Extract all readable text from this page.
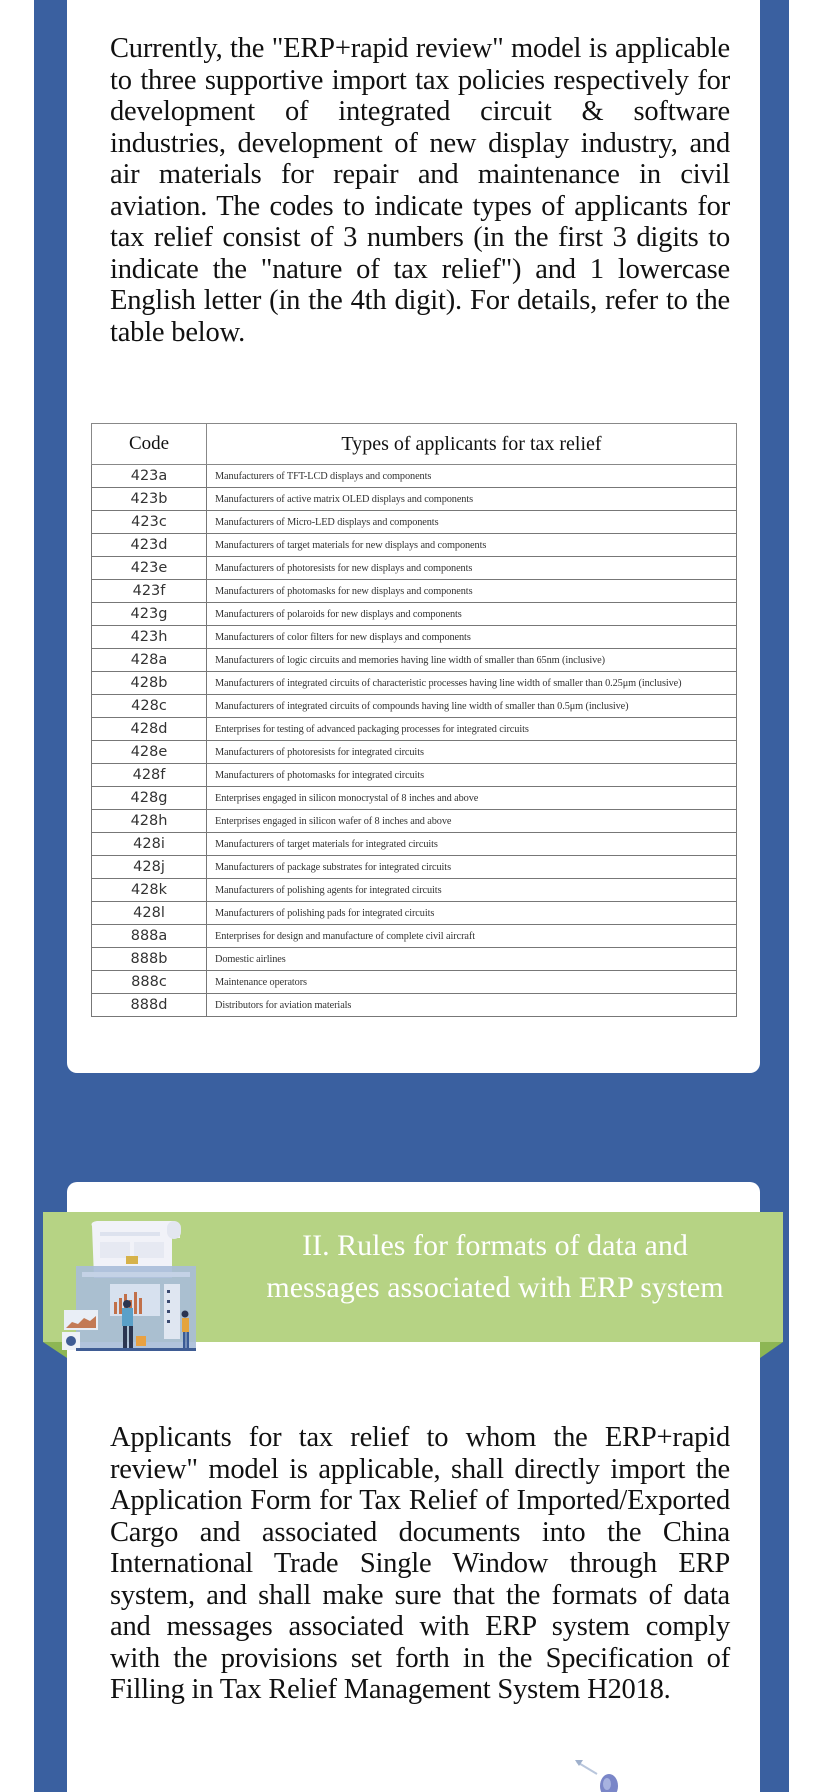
Currently, the "ERP+rapid review" model is applicable to three supportive import tax policies respectively for development of integrated circuit & software industries, development of new display industry, and air materials for repair and maintenance in civil aviation. The codes to indicate types of applicants for tax relief consist of 3 numbers (in the first 3 digits to indicate the "nature of tax relief") and 1 lowercase English letter (in the 4th digit). For details, refer to the table below.

Code	Types of applicants for tax relief
423a	Manufacturers of TFT-LCD displays and components
423b	Manufacturers of active matrix OLED displays and components
423c	Manufacturers of Micro-LED displays and components
423d	Manufacturers of target materials for new displays and components
423e	Manufacturers of photoresists for new displays and components
423f	Manufacturers of photomasks for new displays and components
423g	Manufacturers of polaroids for new displays and components
423h	Manufacturers of color filters for new displays and components
428a	Manufacturers of logic circuits and memories having line width of smaller than 65nm (inclusive)
428b	Manufacturers of integrated circuits of characteristic processes having line width of smaller than 0.25μm (inclusive)
428c	Manufacturers of integrated circuits of compounds having line width of smaller than 0.5μm (inclusive)
428d	Enterprises for testing of advanced packaging processes for integrated circuits
428e	Manufacturers of photoresists for integrated circuits
428f	Manufacturers of photomasks for integrated circuits
428g	Enterprises engaged in silicon monocrystal of 8 inches and above
428h	Enterprises engaged in silicon wafer of 8 inches and above
428i	Manufacturers of target materials for integrated circuits
428j	Manufacturers of package substrates for integrated circuits
428k	Manufacturers of polishing agents for integrated circuits
428l	Manufacturers of polishing pads for integrated circuits
888a	Enterprises for design and manufacture of complete civil aircraft
888b	Domestic airlines
888c	Maintenance operators
888d	Distributors for aviation materials
II. Rules for formats of data and
messages associated with ERP system

Applicants for tax relief to whom the ERP+rapid review" model is applicable, shall directly import the Application Form for Tax Relief of Imported/Exported Cargo and associated documents into the China International Trade Single Window through ERP system, and shall make sure that the formats of data and messages associated with ERP system comply with the provisions set forth in the Specification of Filling in Tax Relief Management System H2018.
